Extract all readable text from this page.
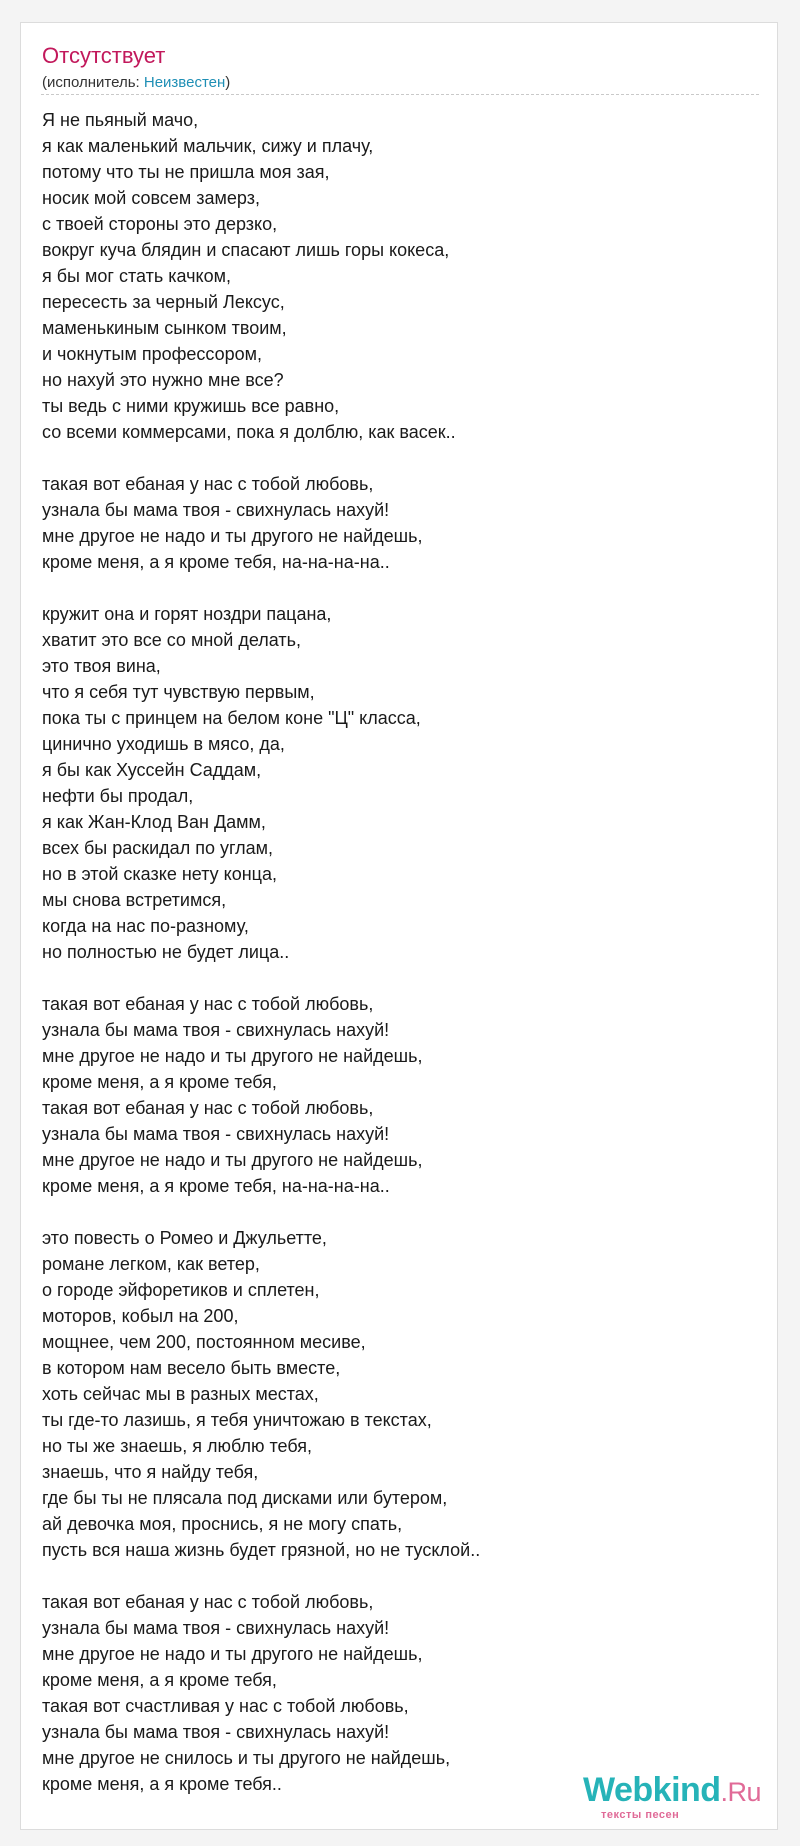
Отсутствует
(исполнитель: Неизвестен)
Я не пьяный мачо,
я как маленький мальчик, сижу и плачу,
потому что ты не пришла моя зая,
носик мой совсем замерз,
с твоей стороны это дерзко,
вокруг куча блядин и спасают лишь горы кокеса,
я бы мог стать качком,
пересесть за черный Лексус,
маменькиным сынком твоим,
и чокнутым профессором,
но нахуй это нужно мне все?
ты ведь с ними кружишь все равно,
со всеми коммерсами, пока я долблю, как васек..
такая вот ебаная у нас с тобой любовь,
узнала бы мама твоя - свихнулась нахуй!
мне другое не надо и ты другого не найдешь,
кроме меня, а я кроме тебя, на-на-на-на..
кружит она и горят ноздри пацана,
хватит это все со мной делать,
это твоя вина,
что я себя тут чувствую первым,
пока ты с принцем на белом коне "Ц" класса,
цинично уходишь в мясо, да,
я бы как Хуссейн Саддам,
нефти бы продал,
я как Жан-Клод Ван Дамм,
всех бы раскидал по углам,
но в этой сказке нету конца,
мы снова встретимся,
когда на нас по-разному,
но полностью не будет лица..
такая вот ебаная у нас с тобой любовь,
узнала бы мама твоя - свихнулась нахуй!
мне другое не надо и ты другого не найдешь,
кроме меня, а я кроме тебя,
такая вот ебаная у нас с тобой любовь,
узнала бы мама твоя - свихнулась нахуй!
мне другое не надо и ты другого не найдешь,
кроме меня, а я кроме тебя, на-на-на-на..
это повесть о Ромео и Джульетте,
романе легком, как ветер,
о городе эйфоретиков и сплетен,
моторов, кобыл на 200,
мощнее, чем 200, постоянном месиве,
в котором нам весело быть вместе,
хоть сейчас мы в разных местах,
ты где-то лазишь, я тебя уничтожаю в текстах,
но ты же знаешь, я люблю тебя,
знаешь, что я найду тебя,
где бы ты не плясала под дисками или бутером,
ай девочка моя, проснись, я не могу спать,
пусть вся наша жизнь будет грязной, но не тусклой..
такая вот ебаная у нас с тобой любовь,
узнала бы мама твоя - свихнулась нахуй!
мне другое не надо и ты другого не найдешь,
кроме меня, а я кроме тебя,
такая вот счастливая у нас с тобой любовь,
узнала бы мама твоя - свихнулась нахуй!
мне другое не снилось и ты другого не найдешь,
кроме меня, а я кроме тебя..	Webkind.Ru
тексты песен
